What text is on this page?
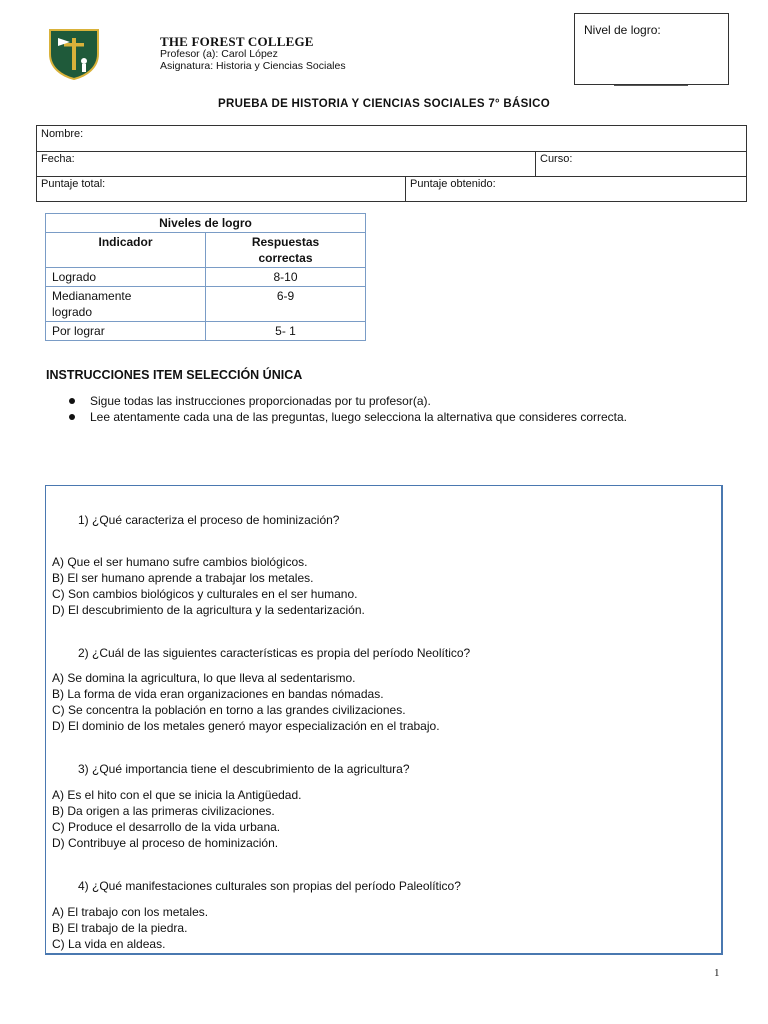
THE FOREST COLLEGE
Profesor (a): Carol López
Asignatura: Historia y Ciencias Sociales
Nivel de logro:
PRUEBA DE HISTORIA Y CIENCIAS SOCIALES 7° BÁSICO
Nombre:
Fecha:	Curso:
Puntaje total:	Puntaje obtenido:
Niveles de logro	
Indicador	Respuestas
correctas

Logrado	8-10

Medianamente
logrado	6-9
Por lograr	5- 1
INSTRUCCIONES ITEM SELECCIÓN ÚNICA
Sigue todas las instrucciones proporcionadas por tu profesor(a).
Lee atentamente cada una de las preguntas, luego selecciona la alternativa que consideres correcta.
1) ¿Qué caracteriza el proceso de hominización?
A) Que el ser humano sufre cambios biológicos.
B) El ser humano aprende a trabajar los metales.
C) Son cambios biológicos y culturales en el ser humano.
D) El descubrimiento de la agricultura y la sedentarización.
2) ¿Cuál de las siguientes características es propia del período Neolítico?
A) Se domina la agricultura, lo que lleva al sedentarismo.
B) La forma de vida eran organizaciones en bandas nómadas.
C) Se concentra la población en torno a las grandes civilizaciones.
D) El dominio de los metales generó mayor especialización en el trabajo.
3) ¿Qué importancia tiene el descubrimiento de la agricultura?
A) Es el hito con el que se inicia la Antigüedad.
B) Da origen a las primeras civilizaciones.
C) Produce el desarrollo de la vida urbana.
D) Contribuye al proceso de hominización.
4) ¿Qué manifestaciones culturales son propias del período Paleolítico?
A) El trabajo con los metales.
B) El trabajo de la piedra.
C) La vida en aldeas.
1
